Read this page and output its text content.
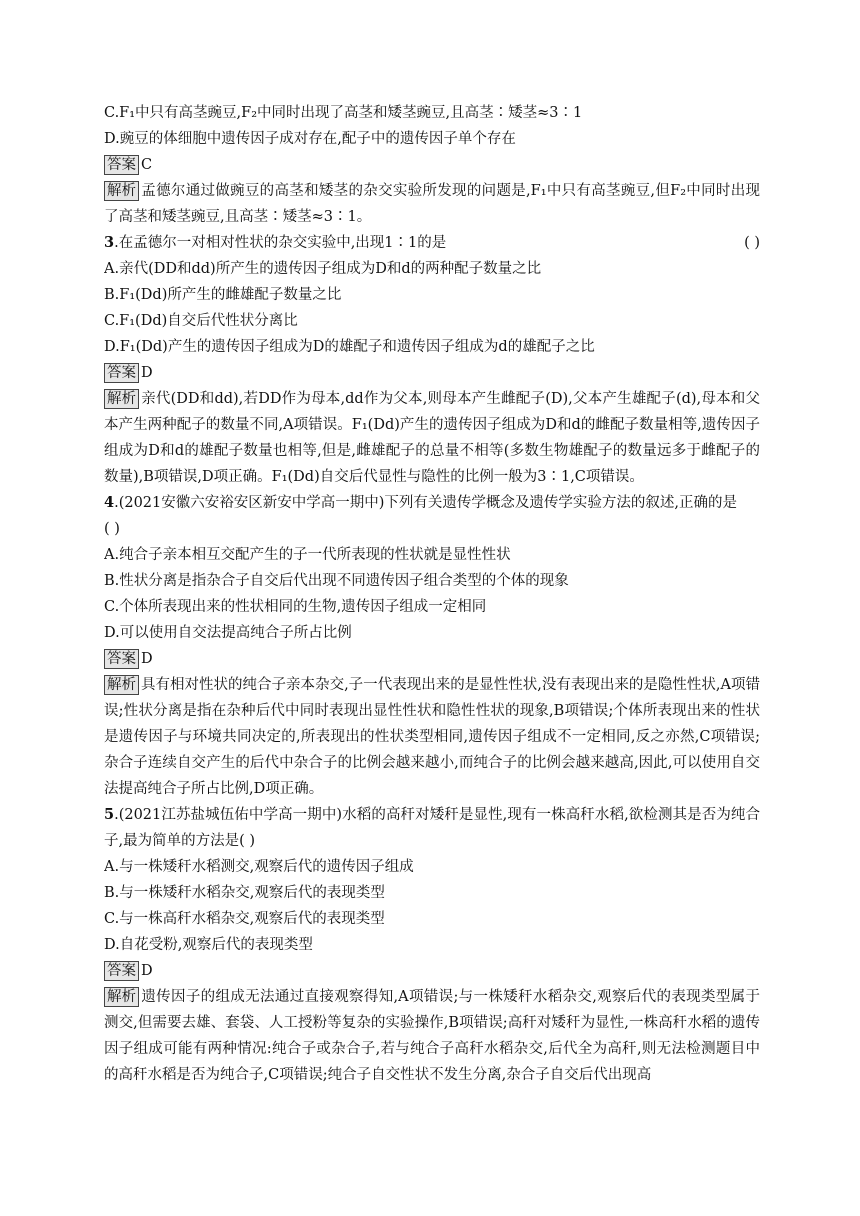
C.F₁中只有高茎豌豆,F₂中同时出现了高茎和矮茎豌豆,且高茎∶矮茎≈3∶1
D.豌豆的体细胞中遗传因子成对存在,配子中的遗传因子单个存在
答案 C
解析 孟德尔通过做豌豆的高茎和矮茎的杂交实验所发现的问题是,F₁中只有高茎豌豆,但F₂中同时出现了高茎和矮茎豌豆,且高茎∶矮茎≈3∶1。
3.在孟德尔一对相对性状的杂交实验中,出现1∶1的是	( )
A.亲代(DD和dd)所产生的遗传因子组成为D和d的两种配子数量之比
B.F₁(Dd)所产生的雌雄配子数量之比
C.F₁(Dd)自交后代性状分离比
D.F₁(Dd)产生的遗传因子组成为D的雄配子和遗传因子组成为d的雄配子之比
答案 D
解析 亲代(DD和dd),若DD作为母本,dd作为父本,则母本产生雌配子(D),父本产生雄配子(d),母本和父本产生两种配子的数量不同,A项错误。F₁(Dd)产生的遗传因子组成为D和d的雌配子数量相等,遗传因子组成为D和d的雄配子数量也相等,但是,雌雄配子的总量不相等(多数生物雄配子的数量远多于雌配子的数量),B项错误,D项正确。F₁(Dd)自交后代显性与隐性的比例一般为3∶1,C项错误。
4.(2021安徽六安裕安区新安中学高一期中)下列有关遗传学概念及遗传学实验方法的叙述,正确的是
( )
A.纯合子亲本相互交配产生的子一代所表现的性状就是显性性状
B.性状分离是指杂合子自交后代出现不同遗传因子组合类型的个体的现象
C.个体所表现出来的性状相同的生物,遗传因子组成一定相同
D.可以使用自交法提高纯合子所占比例
答案 D
解析 具有相对性状的纯合子亲本杂交,子一代表现出来的是显性性状,没有表现出来的是隐性性状,A项错误;性状分离是指在杂种后代中同时表现出显性性状和隐性性状的现象,B项错误;个体所表现出来的性状是遗传因子与环境共同决定的,所表现出的性状类型相同,遗传因子组成不一定相同,反之亦然,C项错误;杂合子连续自交产生的后代中杂合子的比例会越来越小,而纯合子的比例会越来越高,因此,可以使用自交法提高纯合子所占比例,D项正确。
5.(2021江苏盐城伍佑中学高一期中)水稻的高秆对矮秆是显性,现有一株高秆水稻,欲检测其是否为纯合子,最为简单的方法是( )
A.与一株矮秆水稻测交,观察后代的遗传因子组成
B.与一株矮秆水稻杂交,观察后代的表现类型
C.与一株高秆水稻杂交,观察后代的表现类型
D.自花受粉,观察后代的表现类型
答案 D
解析 遗传因子的组成无法通过直接观察得知,A项错误;与一株矮秆水稻杂交,观察后代的表现类型属于测交,但需要去雄、套袋、人工授粉等复杂的实验操作,B项错误;高秆对矮秆为显性,一株高秆水稻的遗传因子组成可能有两种情况:纯合子或杂合子,若与纯合子高秆水稻杂交,后代全为高秆,则无法检测题目中的高秆水稻是否为纯合子,C项错误;纯合子自交性状不发生分离,杂合子自交后代出现高
